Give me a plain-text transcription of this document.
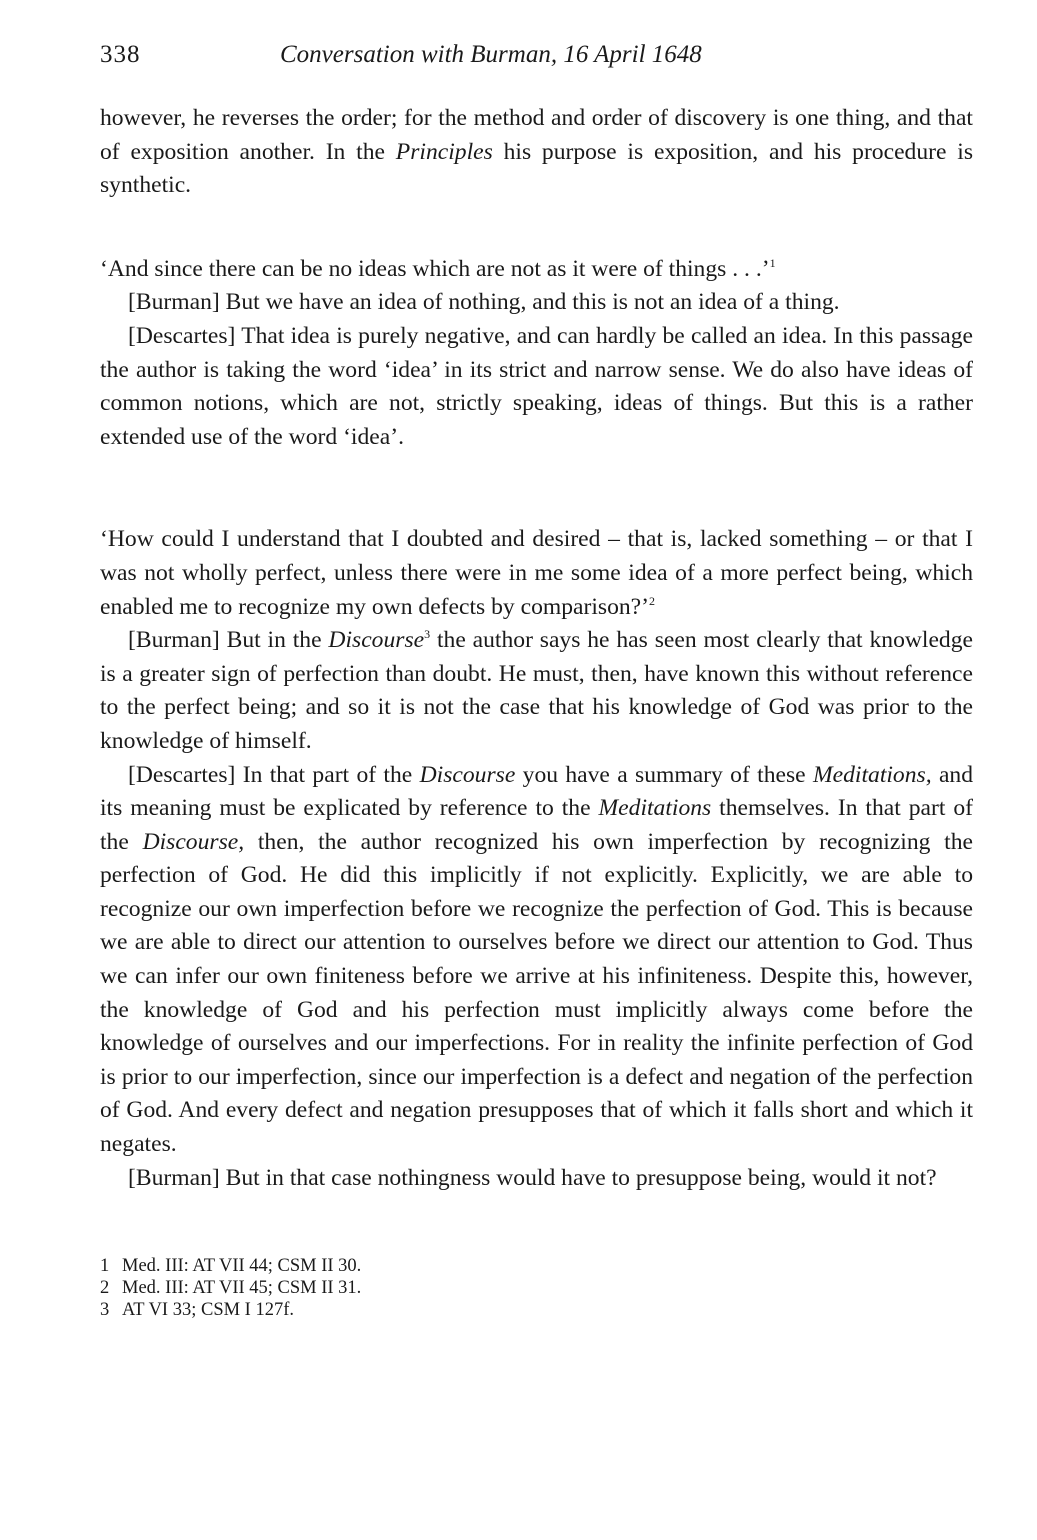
338	Conversation with Burman, 16 April 1648

however, he reverses the order; for the method and order of discovery is one thing, and that of exposition another. In the Principles his purpose is exposition, and his procedure is synthetic.

‘And since there can be no ideas which are not as it were of things . . .’$^1$

[Burman] But we have an idea of nothing, and this is not an idea of a thing.

[Descartes] That idea is purely negative, and can hardly be called an idea. In this passage the author is taking the word ‘idea’ in its strict and narrow sense. We do also have ideas of common notions, which are not, strictly speaking, ideas of things. But this is a rather extended use of the word ‘idea’.

‘How could I understand that I doubted and desired – that is, lacked something – or that I was not wholly perfect, unless there were in me some idea of a more perfect being, which enabled me to recognize my own defects by comparison?’$^2$

[Burman] But in the Discourse$^3$ the author says he has seen most clearly that knowledge is a greater sign of perfection than doubt. He must, then, have known this without reference to the perfect being; and so it is not the case that his knowledge of God was prior to the knowledge of himself.

[Descartes] In that part of the Discourse you have a summary of these Meditations, and its meaning must be explicated by reference to the Meditations themselves. In that part of the Discourse, then, the author recognized his own imperfection by recognizing the perfection of God. He did this implicitly if not explicitly. Explicitly, we are able to recognize our own imperfection before we recognize the perfection of God. This is because we are able to direct our attention to ourselves before we direct our attention to God. Thus we can infer our own finiteness before we arrive at his infiniteness. Despite this, however, the knowledge of God and his perfection must implicitly always come before the knowledge of ourselves and our imperfections. For in reality the infinite perfection of God is prior to our imperfection, since our imperfection is a defect and negation of the perfection of God. And every defect and negation presupposes that of which it falls short and which it negates.

[Burman] But in that case nothingness would have to presuppose being, would it not?

1 Med. III: AT VII 44; CSM II 30.

2 Med. III: AT VII 45; CSM II 31.

3 AT VI 33; CSM I 127f.
